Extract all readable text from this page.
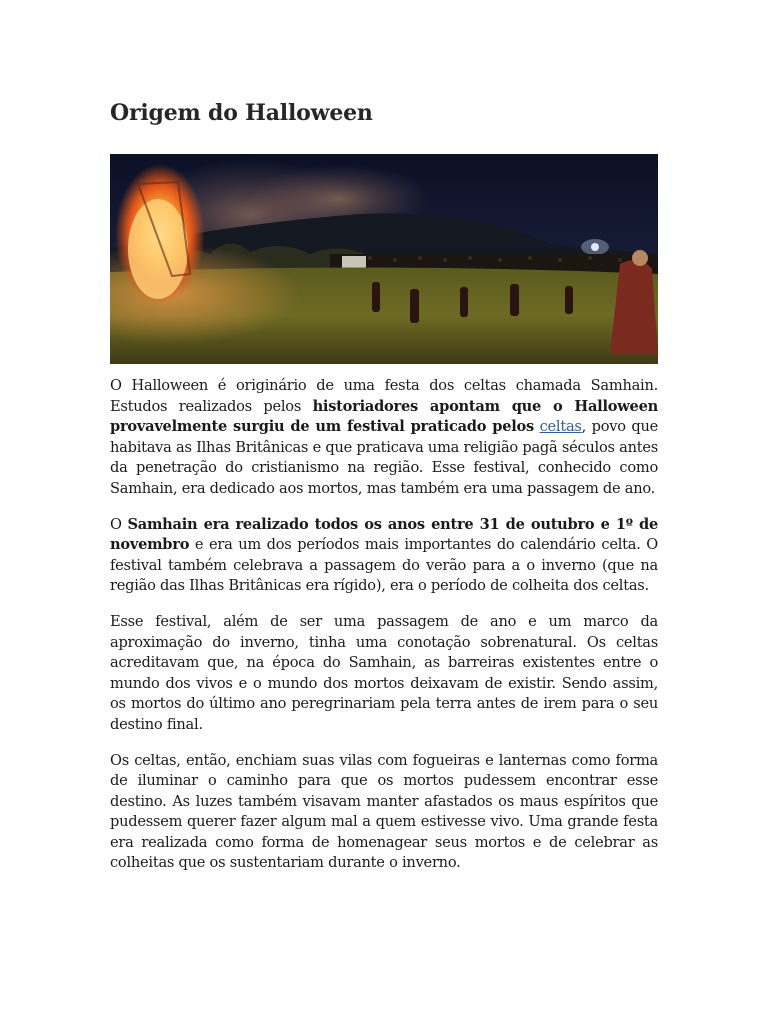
Origem do Halloween

O Halloween é originário de uma festa dos celtas chamada Samhain. Estudos realizados pelos historiadores apontam que o Halloween provavelmente surgiu de um festival praticado pelos celtas, povo que habitava as Ilhas Britânicas e que praticava uma religião pagã séculos antes da penetração do cristianismo na região. Esse festival, conhecido como Samhain, era dedicado aos mortos, mas também era uma passagem de ano.

O Samhain era realizado todos os anos entre 31 de outubro e 1º de novembro e era um dos períodos mais importantes do calendário celta. O festival também celebrava a passagem do verão para a o inverno (que na região das Ilhas Britânicas era rígido), era o período de colheita dos celtas.

Esse festival, além de ser uma passagem de ano e um marco da aproximação do inverno, tinha uma conotação sobrenatural. Os celtas acreditavam que, na época do Samhain, as barreiras existentes entre o mundo dos vivos e o mundo dos mortos deixavam de existir. Sendo assim, os mortos do último ano peregrinariam pela terra antes de irem para o seu destino final.

Os celtas, então, enchiam suas vilas com fogueiras e lanternas como forma de iluminar o caminho para que os mortos pudessem encontrar esse destino. As luzes também visavam manter afastados os maus espíritos que pudessem querer fazer algum mal a quem estivesse vivo. Uma grande festa era realizada como forma de homenagear seus mortos e de celebrar as colheitas que os sustentariam durante o inverno.
